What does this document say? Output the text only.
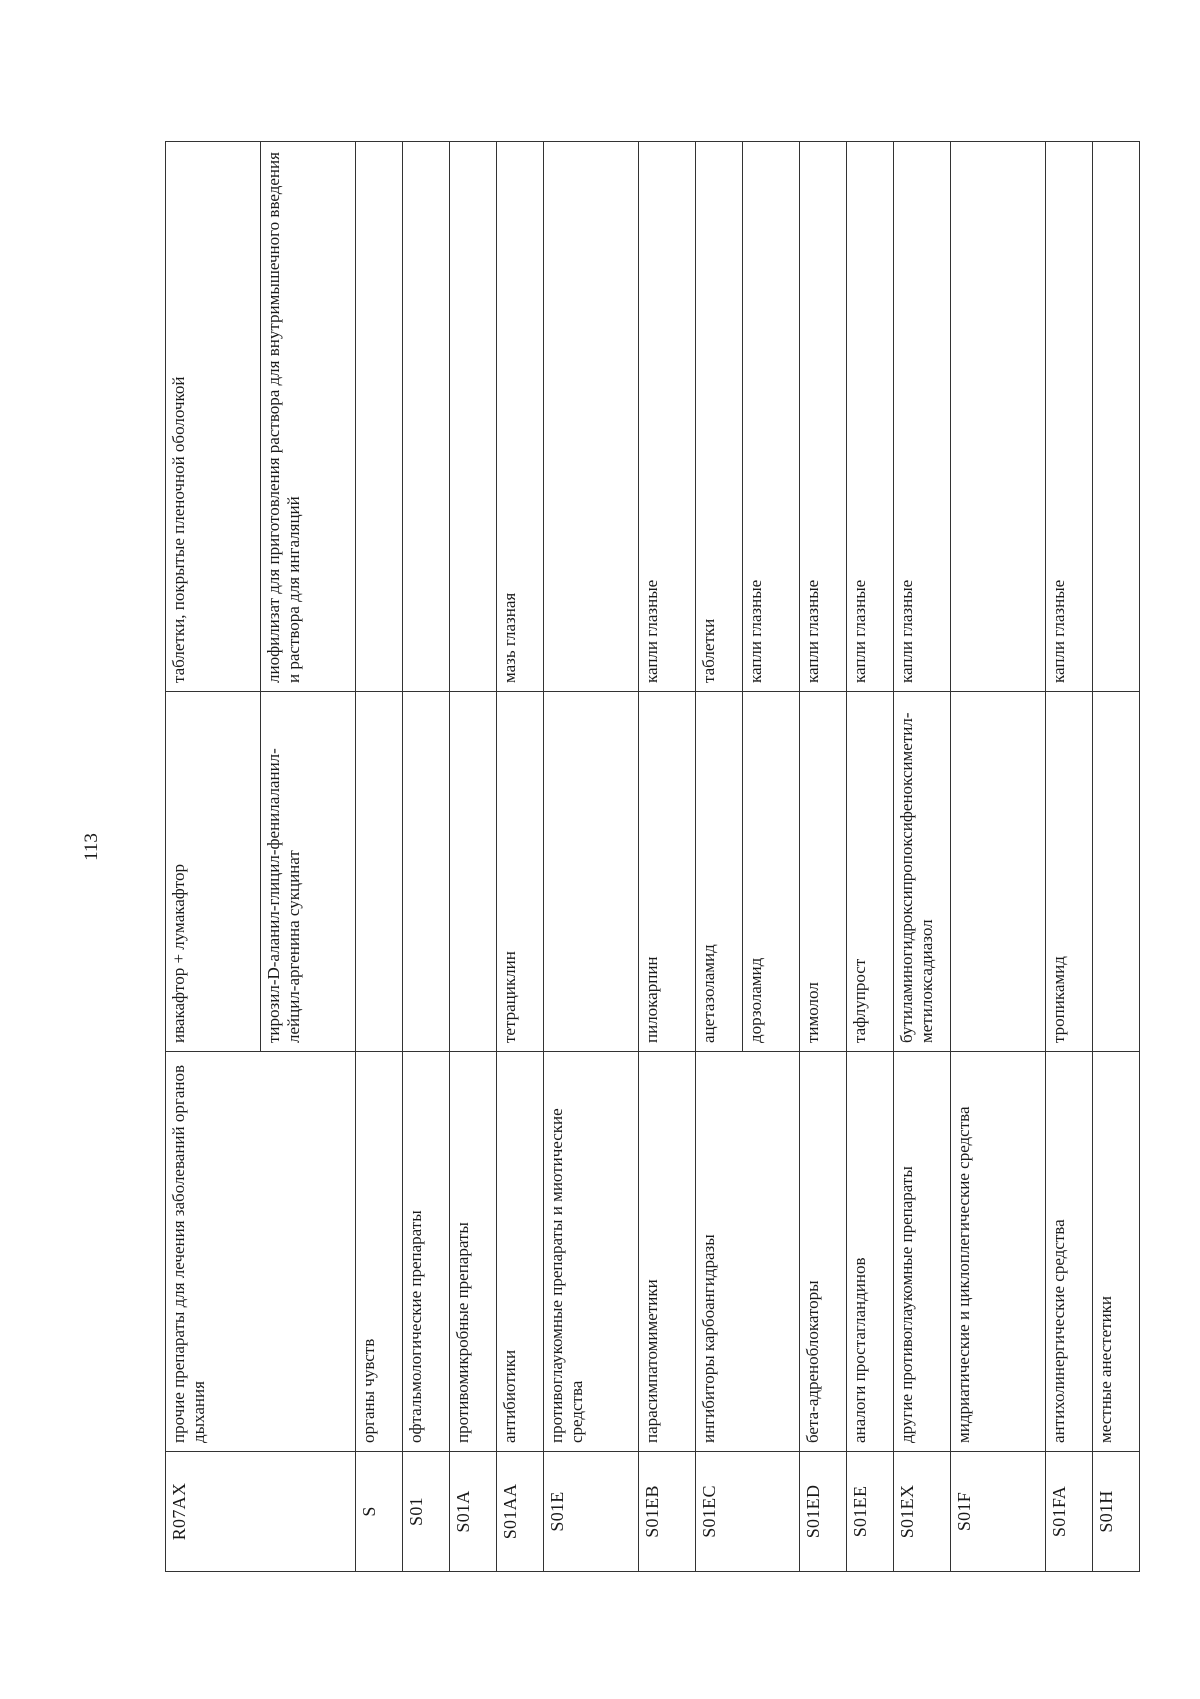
113
R07AX	прочие препараты для лечения заболеваний органов дыхания	ивакафтор + лумакафтор	таблетки, покрытые пленочной оболочкой
		тирозил-D-аланил-глицил-фенилаланил-лейцил-аргенина сукцинат	лиофилизат для приготовления раствора для внутримышечного введения и раствора для ингаляций
S	органы чувств		
S01	офтальмологические препараты		
S01A	противомикробные препараты		
S01AA	антибиотики	тетрациклин	мазь глазная
S01E	противоглаукомные препараты и миотические средства		
S01EB	парасимпатомиметики	пилокарпин	капли глазные
S01EC	ингибиторы карбоангидразы	ацетазоламид	таблетки
		дорзоламид	капли глазные
S01ED	бета-адреноблокаторы	тимолол	капли глазные
S01EE	аналоги простагландинов	тафлупрост	капли глазные
S01EX	другие противоглаукомные препараты	бутиламиногидроксипропоксифеноксиметил-метилоксадиазол	капли глазные
S01F	мидриатические и циклоплегические средства		
S01FA	антихолинергические средства	тропикамид	капли глазные
S01H	местные анестетики		
